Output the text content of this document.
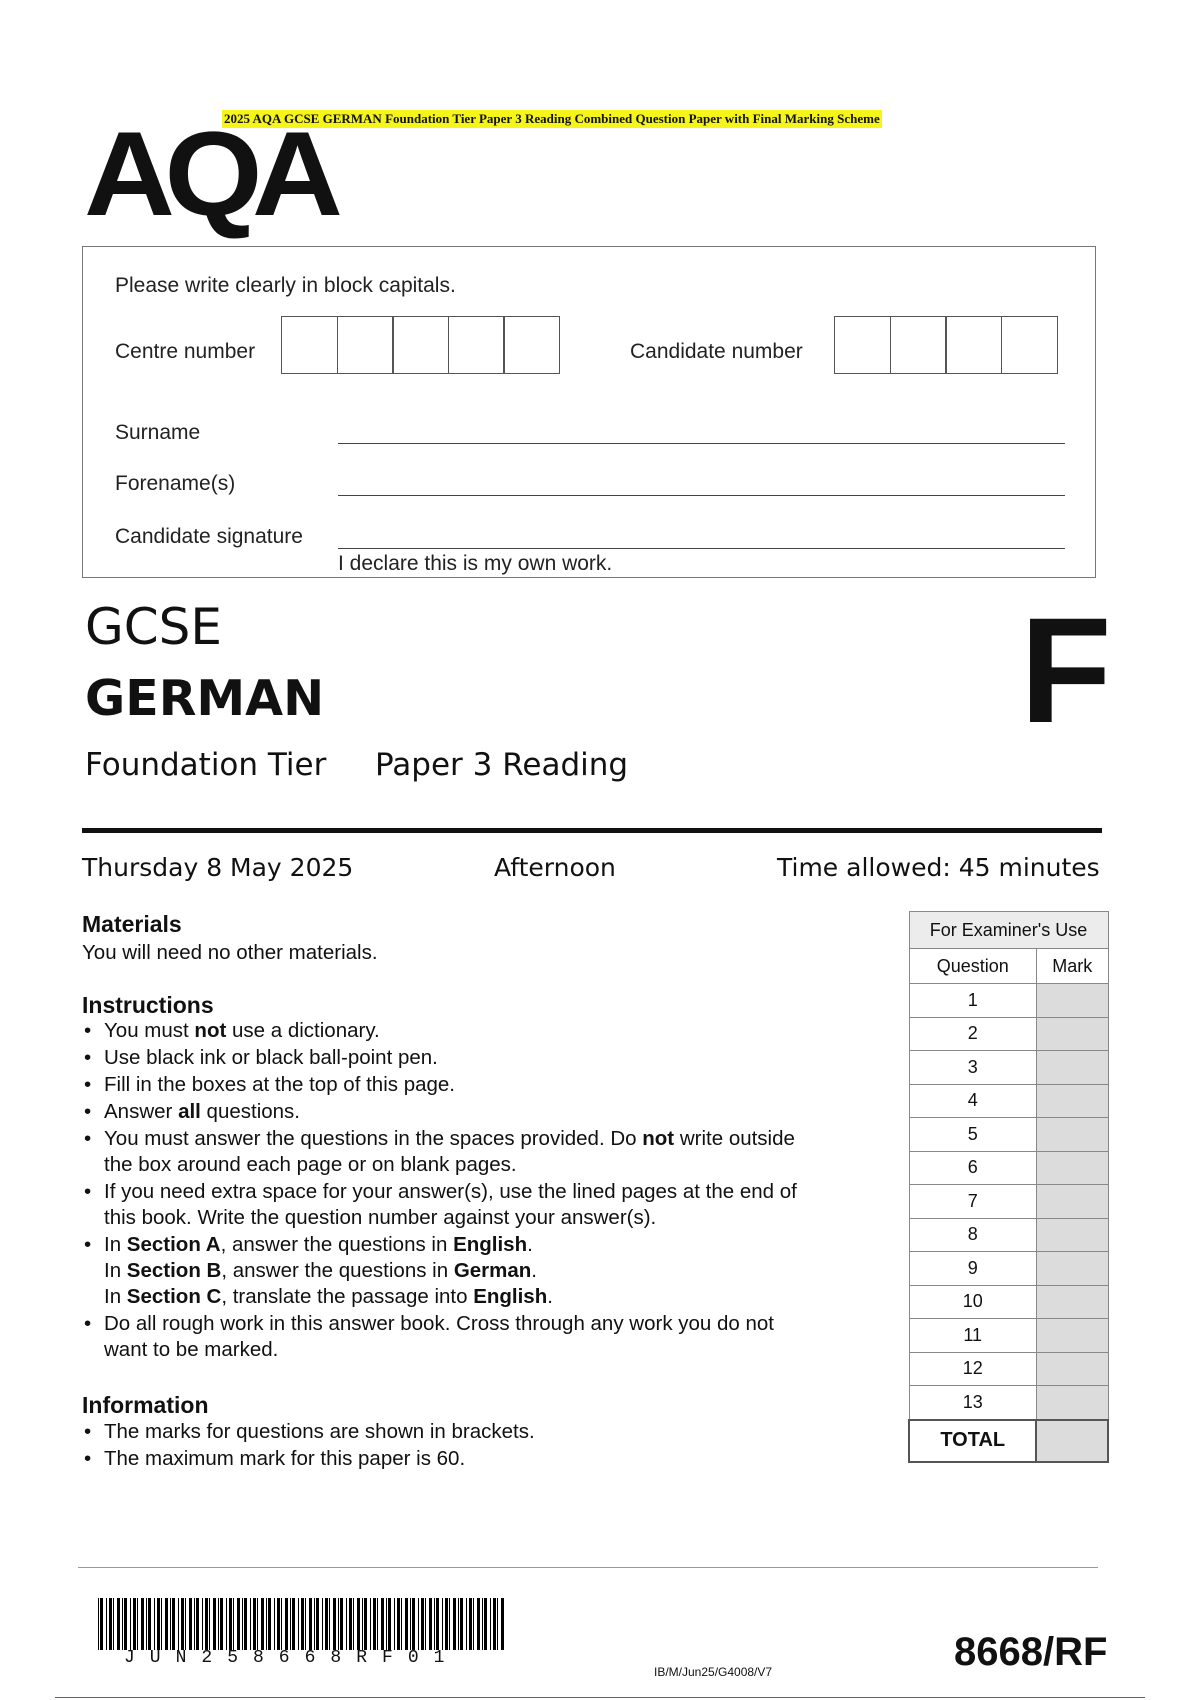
2025 AQA GCSE GERMAN Foundation Tier Paper 3 Reading Combined Question Paper with Final Marking Scheme
AQA
Please write clearly in block capitals.
Centre number	Candidate number
Surname
Forename(s)
Candidate signature
I declare this is my own work.
GCSE
GERMAN	F
Foundation Tier Paper 3 Reading
Thursday 8 May 2025	Afternoon	Time allowed: 45 minutes
Materials
You will need no other materials.
Instructions
• You must not use a dictionary.
• Use black ink or black ball-point pen.
• Fill in the boxes at the top of this page.
• Answer all questions.
• You must answer the questions in the spaces provided. Do not write outside
the box around each page or on blank pages.
• If you need extra space for your answer(s), use the lined pages at the end of
this book. Write the question number against your answer(s).
• In Section A, answer the questions in English.
In Section B, answer the questions in German.
In Section C, translate the passage into English.
• Do all rough work in this answer book. Cross through any work you do not
want to be marked.
Information
• The marks for questions are shown in brackets.
• The maximum mark for this paper is 60.
For Examiner's Use	
Question	Mark
1	
2	
3	
4	
5	
6	
7	
8	
9	
10	
11	
12	
13	
TOTAL	
JUN258668RF01
IB/M/Jun25/G4008/V7	8668/RF
